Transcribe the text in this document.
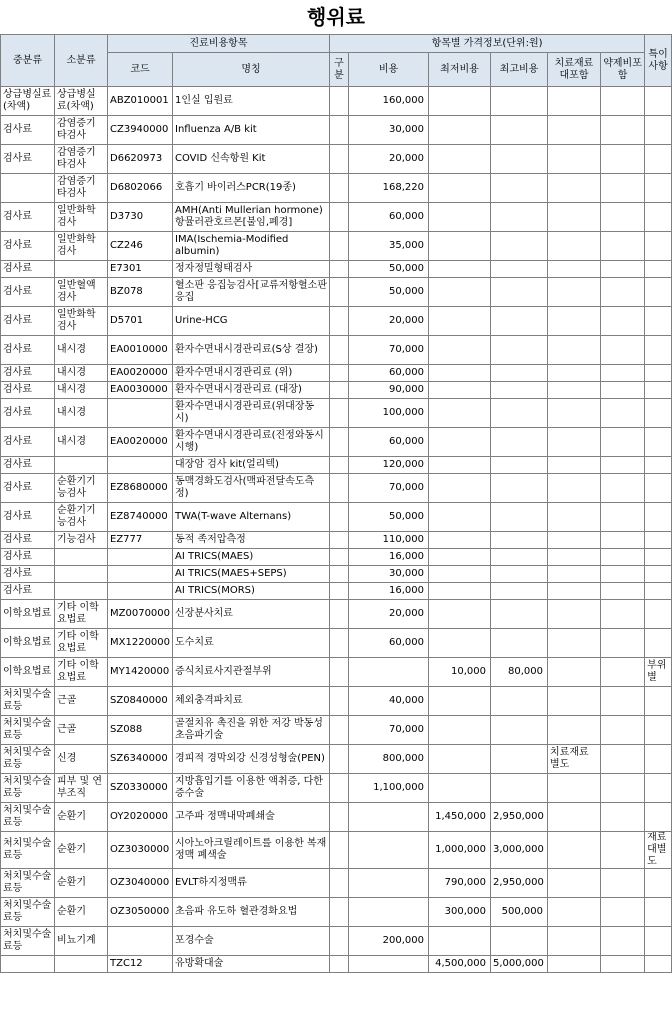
행위료
중분류	소분류	진료비용항목		항목별 가격정보(단위:원)						특이사항
		코드	명칭	구분	비용	최저비용	최고비용	치료재료대포함	약제비포함	
상급병실료(차액)	상급병실료(차액)	ABZ010001	1인실 입원료		160,000					
검사료	감염증기타검사	CZ3940000	Influenza A/B kit		30,000					
검사료	감염증기타검사	D6620973	COVID 신속항원 Kit		20,000					
	감염증기타검사	D6802066	호흡기 바이러스PCR(19종)		168,220					
검사료	일반화학검사	D3730	AMH(Anti Mullerian hormone)항뮬러관호르몬[불임,폐경]		60,000					
검사료	일반화학검사	CZ246	IMA(Ischemia-Modified albumin)		35,000					
검사료		E7301	정자정밀형태검사		50,000					
검사료	일반혈액검사	BZ078	혈소판 응집능검사[교류저항혈소판응집		50,000					
검사료	일반화학검사	D5701	Urine-HCG		20,000					
검사료	내시경	EA0010000	환자수면내시경관리료(S상 결장)		70,000					
검사료	내시경	EA0020000	환자수면내시경관리료 (위)		60,000					
검사료	내시경	EA0030000	환자수면내시경관리료 (대장)		90,000					
검사료	내시경		환자수면내시경관리료(위대장동시)		100,000					
검사료	내시경	EA0020000	환자수면내시경관리료(진정와동시시행)		60,000					
검사료			대장암 검사 kit(얼리텍)		120,000					
검사료	순환기기능검사	EZ8680000	동맥경화도검사(맥파전달속도측정)		70,000					
검사료	순환기기능검사	EZ8740000	TWA(T-wave Alternans)		50,000					
검사료	기능검사	EZ777	동적 족저압측정		110,000					
검사료			AI TRICS(MAES)		16,000					
검사료			AI TRICS(MAES+SEPS)		30,000					
검사료			AI TRICS(MORS)		16,000					
이학요법료	기타 이학요법료	MZ0070000	신장분사치료		20,000					
이학요법료	기타 이학요법료	MX1220000	도수치료		60,000					
이학요법료	기타 이학요법료	MY1420000	증식치료사지관절부위			10,000	80,000			부위별
처치및수술료등	근골	SZ0840000	체외충격파치료		40,000					
처치및수술료등	근골	SZ088	골절치유 촉진을 위한 저강 박동성 초음파기술		70,000					
처치및수술료등	신경	SZ6340000	경피적 경막외강 신경성형술(PEN)		800,000			치료재료별도		
처치및수술료등	피부 및 연부조직	SZ0330000	지방흡입기를 이용한 액취증, 다한증수술		1,100,000					
처치및수술료등	순환기	OY2020000	고주파 정맥내막폐쇄술			1,450,000	2,950,000			
처치및수술료등	순환기	OZ3030000	시아노아크릴레이트를 이용한 복재정맥 폐색술			1,000,000	3,000,000			재료대별도
처치및수술료등	순환기	OZ3040000	EVLT하지정맥류			790,000	2,950,000			
처치및수술료등	순환기	OZ3050000	초음파 유도하 혈관경화요법			300,000	500,000			
처치및수술료등	비뇨기계		포경수술		200,000					
		TZC12	유방확대술			4,500,000	5,000,000			
